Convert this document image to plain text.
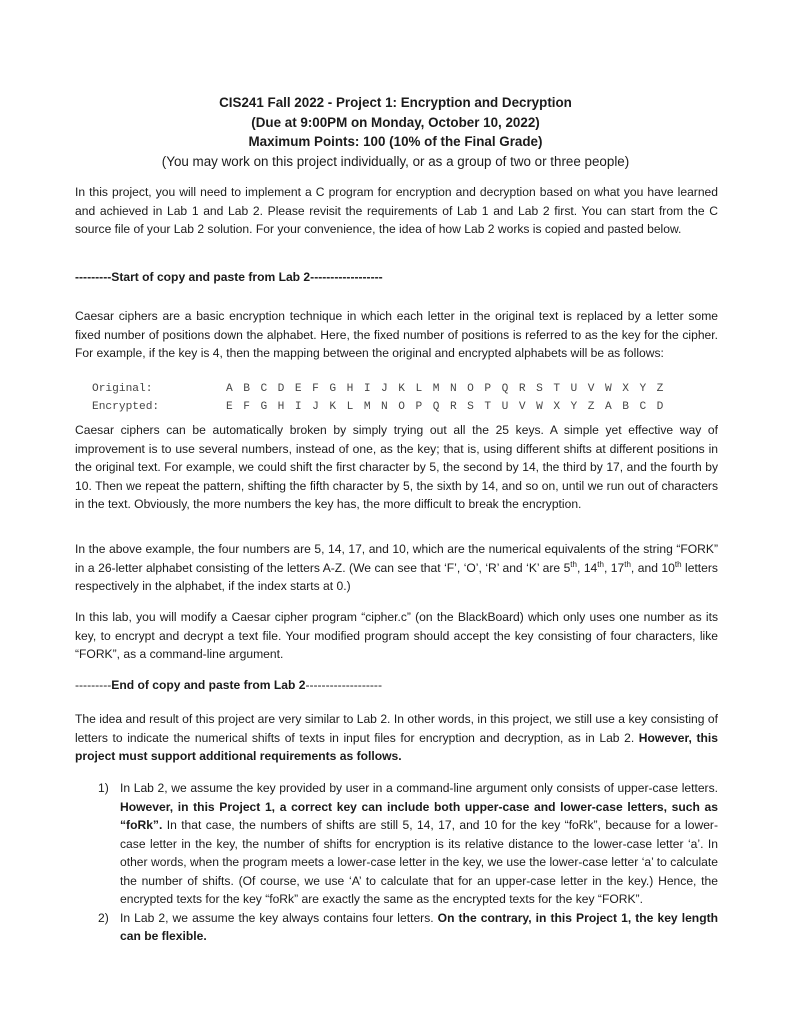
CIS241 Fall 2022 - Project 1: Encryption and Decryption
(Due at 9:00PM on Monday, October 10, 2022)
Maximum Points: 100 (10% of the Final Grade)
(You may work on this project individually, or as a group of two or three people)

In this project, you will need to implement a C program for encryption and decryption based on what you have learned and achieved in Lab 1 and Lab 2. Please revisit the requirements of Lab 1 and Lab 2 first. You can start from the C source file of your Lab 2 solution. For your convenience, the idea of how Lab 2 works is copied and pasted below.

---------Start of copy and paste from Lab 2------------------

Caesar ciphers are a basic encryption technique in which each letter in the original text is replaced by a letter some fixed number of positions down the alphabet. Here, the fixed number of positions is referred to as the key for the cipher. For example, if the key is 4, then the mapping between the original and encrypted alphabets will be as follows:

Original:	A B C D E F G H I J K L M N O P Q R S T U V W X Y Z
Encrypted:	E F G H I J K L M N O P Q R S T U V W X Y Z A B C D

Caesar ciphers can be automatically broken by simply trying out all the 25 keys. A simple yet effective way of improvement is to use several numbers, instead of one, as the key; that is, using different shifts at different positions in the original text. For example, we could shift the first character by 5, the second by 14, the third by 17, and the fourth by 10. Then we repeat the pattern, shifting the fifth character by 5, the sixth by 14, and so on, until we run out of characters in the text. Obviously, the more numbers the key has, the more difficult to break the encryption.

In the above example, the four numbers are 5, 14, 17, and 10, which are the numerical equivalents of the string “FORK” in a 26-letter alphabet consisting of the letters A-Z. (We can see that ‘F’, ‘O’, ‘R’ and ‘K’ are 5th, 14th, 17th, and 10th letters respectively in the alphabet, if the index starts at 0.)

In this lab, you will modify a Caesar cipher program “cipher.c” (on the BlackBoard) which only uses one number as its key, to encrypt and decrypt a text file. Your modified program should accept the key consisting of four characters, like “FORK”, as a command-line argument.

---------End of copy and paste from Lab 2-------------------

The idea and result of this project are very similar to Lab 2. In other words, in this project, we still use a key consisting of letters to indicate the numerical shifts of texts in input files for encryption and decryption, as in Lab 2. However, this project must support additional requirements as follows.

1) In Lab 2, we assume the key provided by user in a command-line argument only consists of upper-case letters. However, in this Project 1, a correct key can include both upper-case and lower-case letters, such as “foRk”. In that case, the numbers of shifts are still 5, 14, 17, and 10 for the key “foRk”, because for a lower-case letter in the key, the number of shifts for encryption is its relative distance to the lower-case letter ‘a’. In other words, when the program meets a lower-case letter in the key, we use the lower-case letter ‘a’ to calculate the number of shifts. (Of course, we use ‘A’ to calculate that for an upper-case letter in the key.) Hence, the encrypted texts for the key “foRk” are exactly the same as the encrypted texts for the key “FORK”.
2) In Lab 2, we assume the key always contains four letters. On the contrary, in this Project 1, the key length can be flexible.
